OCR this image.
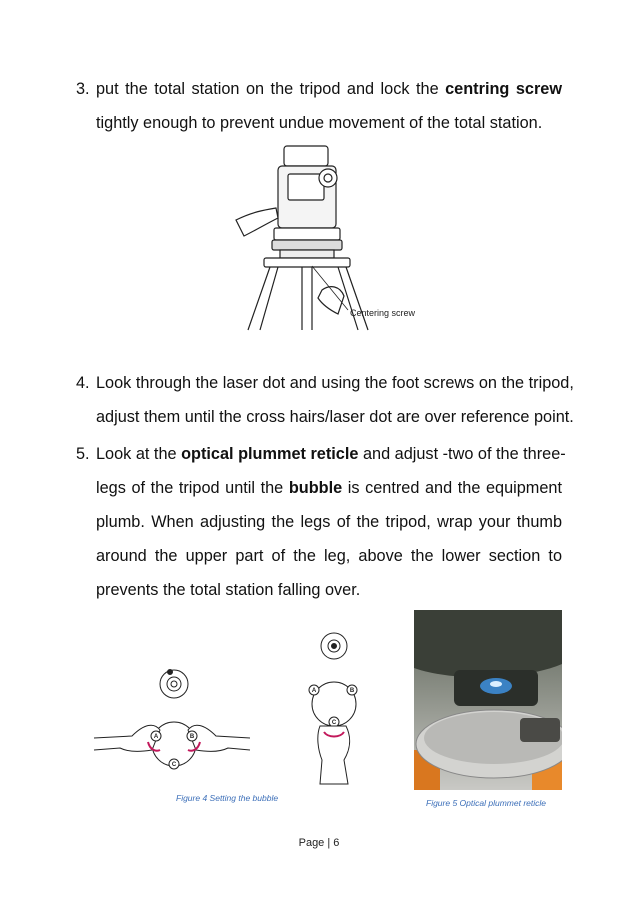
3. put the total station on the tripod and lock the centring screw
tightly enough to prevent undue movement of the total station.
Centering screw
4. Look through the laser dot and using the foot screws on the tripod,
adjust them until the cross hairs/laser dot are over reference point.
5. Look at the optical plummet reticle and adjust -two of the three-
legs of the tripod until the bubble is centred and the equipment
plumb. When adjusting the legs of the tripod, wrap your thumb
around the upper part of the leg, above the lower section to
prevents the total station falling over.
A	B
C
A	B
C
Figure 4 Setting the bubble	Figure 5 Optical plummet reticle
Page | 6
